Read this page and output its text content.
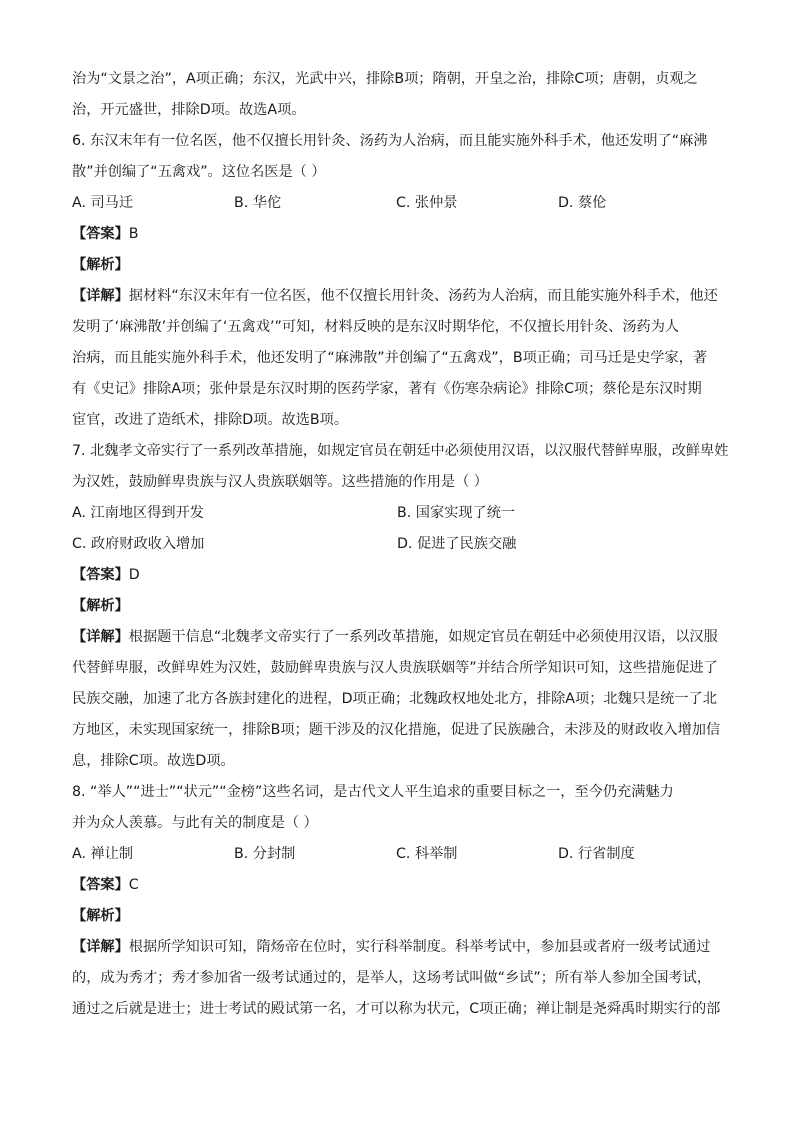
治为“文景之治”，A项正确；东汉，光武中兴，排除B项；隋朝，开皇之治，排除C项；唐朝，贞观之
治，开元盛世，排除D项。故选A项。
6. 东汉末年有一位名医，他不仅擅长用针灸、汤药为人治病，而且能实施外科手术，他还发明了“麻沸
散”并创编了“五禽戏”。这位名医是（ ）
A. 司马迁	B. 华佗	C. 张仲景	D. 蔡伦
【答案】 B
【解析】
【详解】 据材料“东汉末年有一位名医，他不仅擅长用针灸、汤药为人治病，而且能实施外科手术，他还
发明了‘麻沸散’并创编了‘五禽戏’”可知，材料反映的是东汉时期华佗，不仅擅长用针灸、汤药为人
治病，而且能实施外科手术，他还发明了“麻沸散”并创编了“五禽戏”，B项正确；司马迁是史学家，著
有《史记》排除A项；张仲景是东汉时期的医药学家，著有《伤寒杂病论》排除C项；蔡伦是东汉时期
宦官，改进了造纸术，排除D项。故选B项。
7. 北魏孝文帝实行了一系列改革措施，如规定官员在朝廷中必须使用汉语，以汉服代替鲜卑服，改鲜卑姓
为汉姓，鼓励鲜卑贵族与汉人贵族联姻等。这些措施的作用是（ ）
A. 江南地区得到开发	B. 国家实现了统一
C. 政府财政收入增加	D. 促进了民族交融
【答案】 D
【解析】
【详解】 根据题干信息“北魏孝文帝实行了一系列改革措施，如规定官员在朝廷中必须使用汉语，以汉服
代替鲜卑服，改鲜卑姓为汉姓，鼓励鲜卑贵族与汉人贵族联姻等”并结合所学知识可知，这些措施促进了
民族交融，加速了北方各族封建化的进程，D项正确；北魏政权地处北方，排除A项；北魏只是统一了北
方地区，未实现国家统一，排除B项；题干涉及的汉化措施，促进了民族融合，未涉及的财政收入增加信
息，排除C项。故选D项。
8. “举人”“进士”“状元”“金榜”这些名词，是古代文人平生追求的重要目标之一，至今仍充满魅力
并为众人羡慕。与此有关的制度是（ ）
A. 禅让制	B. 分封制	C. 科举制	D. 行省制度
【答案】 C
【解析】
【详解】 根据所学知识可知，隋炀帝在位时，实行科举制度。科举考试中，参加县或者府一级考试通过
的，成为秀才；秀才参加省一级考试通过的，是举人，这场考试叫做“乡试”；所有举人参加全国考试，
通过之后就是进士；进士考试的殿试第一名，才可以称为状元，C项正确；禅让制是尧舜禹时期实行的部
